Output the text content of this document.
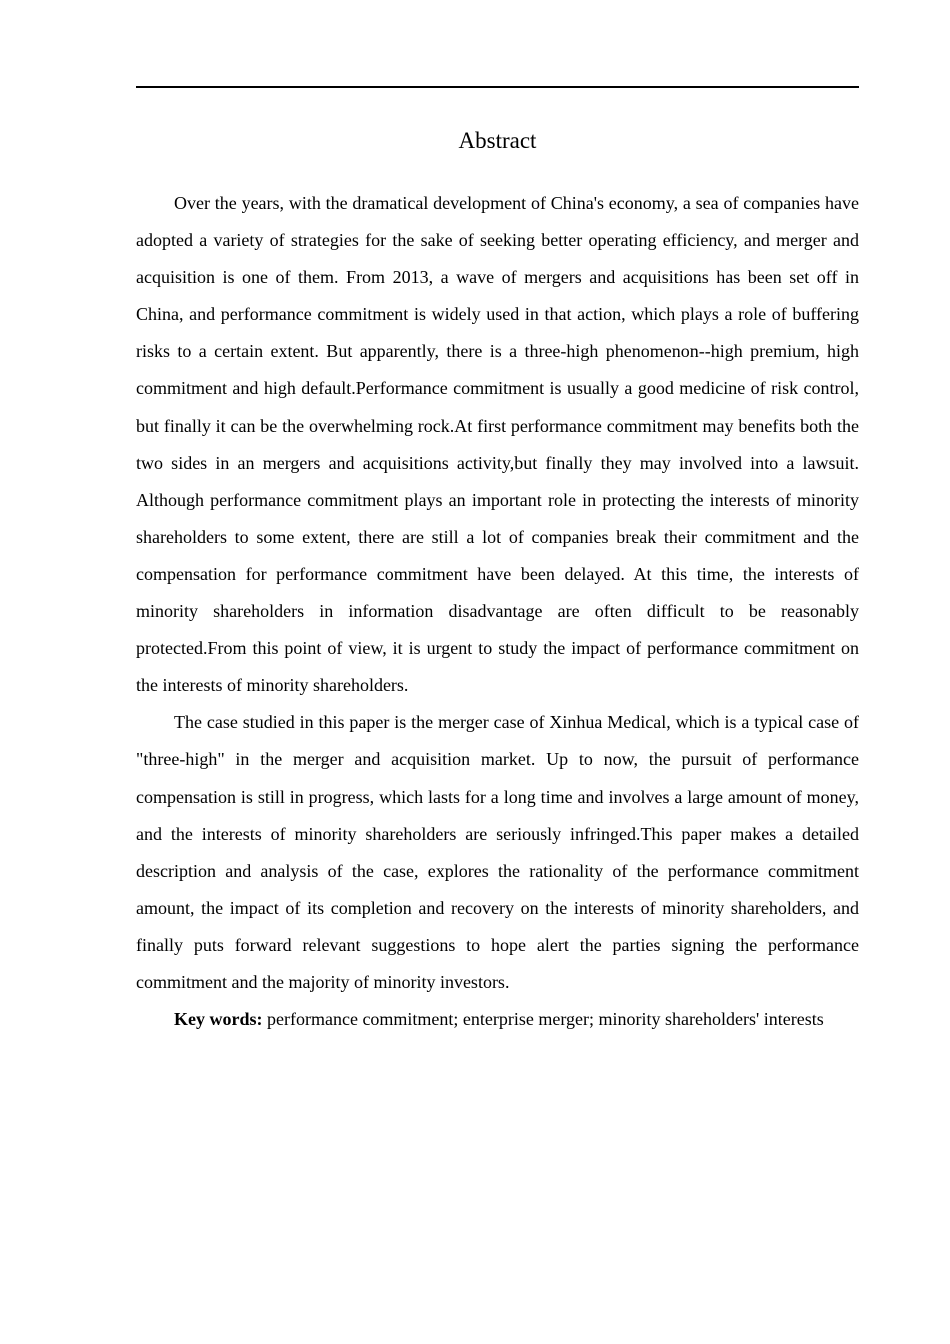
Abstract

Over the years, with the dramatical development of China's economy, a sea of companies have adopted a variety of strategies for the sake of seeking better operating efficiency, and merger and acquisition is one of them. From 2013, a wave of mergers and acquisitions has been set off in China, and performance commitment is widely used in that action, which plays a role of buffering risks to a certain extent. But apparently, there is a three-high phenomenon--high premium, high commitment and high default.Performance commitment is usually a good medicine of risk control, but finally it can be the overwhelming rock.At first performance commitment may benefits both the two sides in an mergers and acquisitions activity,but finally they may involved into a lawsuit. Although performance commitment plays an important role in protecting the interests of minority shareholders to some extent, there are still a lot of companies break their commitment and the compensation for performance commitment have been delayed. At this time, the interests of minority shareholders in information disadvantage are often difficult to be reasonably protected.From this point of view, it is urgent to study the impact of performance commitment on the interests of minority shareholders.

The case studied in this paper is the merger case of Xinhua Medical, which is a typical case of "three-high" in the merger and acquisition market. Up to now, the pursuit of performance compensation is still in progress, which lasts for a long time and involves a large amount of money, and the interests of minority shareholders are seriously infringed.This paper makes a detailed description and analysis of the case, explores the rationality of the performance commitment amount, the impact of its completion and recovery on the interests of minority shareholders, and finally puts forward relevant suggestions to hope alert the parties signing the performance commitment and the majority of minority investors.

Key words: performance commitment; enterprise merger; minority shareholders' interests
